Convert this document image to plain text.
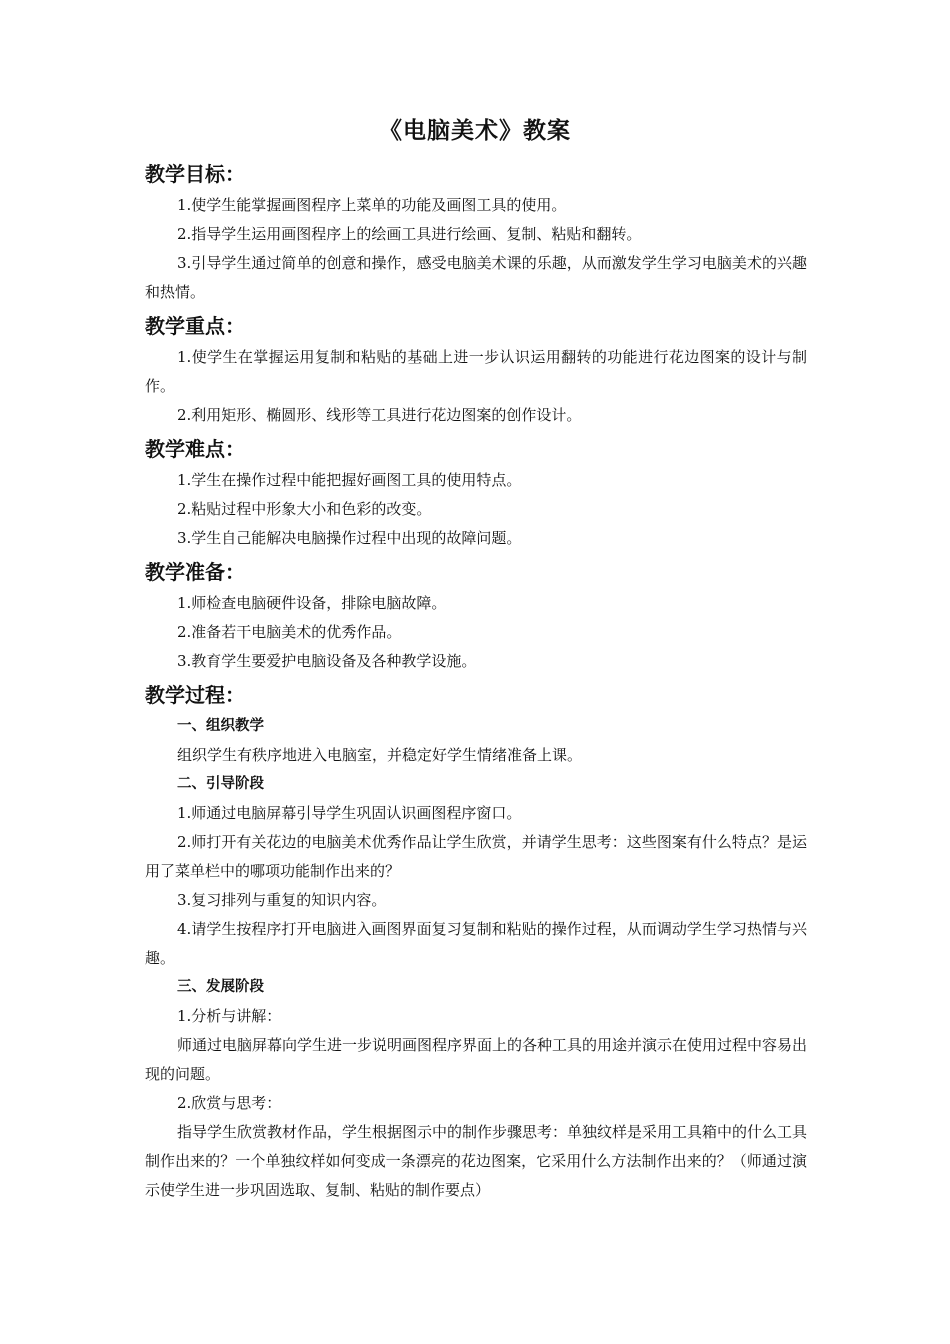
《电脑美术》教案
教学目标：

1.使学生能掌握画图程序上菜单的功能及画图工具的使用。

2.指导学生运用画图程序上的绘画工具进行绘画、复制、粘贴和翻转。

3.引导学生通过简单的创意和操作，感受电脑美术课的乐趣，从而激发学生学习电脑美术的兴趣和热情。

教学重点：

1.使学生在掌握运用复制和粘贴的基础上进一步认识运用翻转的功能进行花边图案的设计与制作。

2.利用矩形、椭圆形、线形等工具进行花边图案的创作设计。

教学难点：

1.学生在操作过程中能把握好画图工具的使用特点。

2.粘贴过程中形象大小和色彩的改变。

3.学生自己能解决电脑操作过程中出现的故障问题。

教学准备：

1.师检查电脑硬件设备，排除电脑故障。

2.准备若干电脑美术的优秀作品。

3.教育学生要爱护电脑设备及各种教学设施。

教学过程：

一、组织教学

组织学生有秩序地进入电脑室，并稳定好学生情绪准备上课。

二、引导阶段

1.师通过电脑屏幕引导学生巩固认识画图程序窗口。

2.师打开有关花边的电脑美术优秀作品让学生欣赏，并请学生思考：这些图案有什么特点？是运用了菜单栏中的哪项功能制作出来的？

3.复习排列与重复的知识内容。

4.请学生按程序打开电脑进入画图界面复习复制和粘贴的操作过程，从而调动学生学习热情与兴趣。

三、发展阶段

1.分析与讲解：

师通过电脑屏幕向学生进一步说明画图程序界面上的各种工具的用途并演示在使用过程中容易出现的问题。

2.欣赏与思考：

指导学生欣赏教材作品，学生根据图示中的制作步骤思考：单独纹样是采用工具箱中的什么工具制作出来的？一个单独纹样如何变成一条漂亮的花边图案，它采用什么方法制作出来的？（师通过演示使学生进一步巩固选取、复制、粘贴的制作要点）
